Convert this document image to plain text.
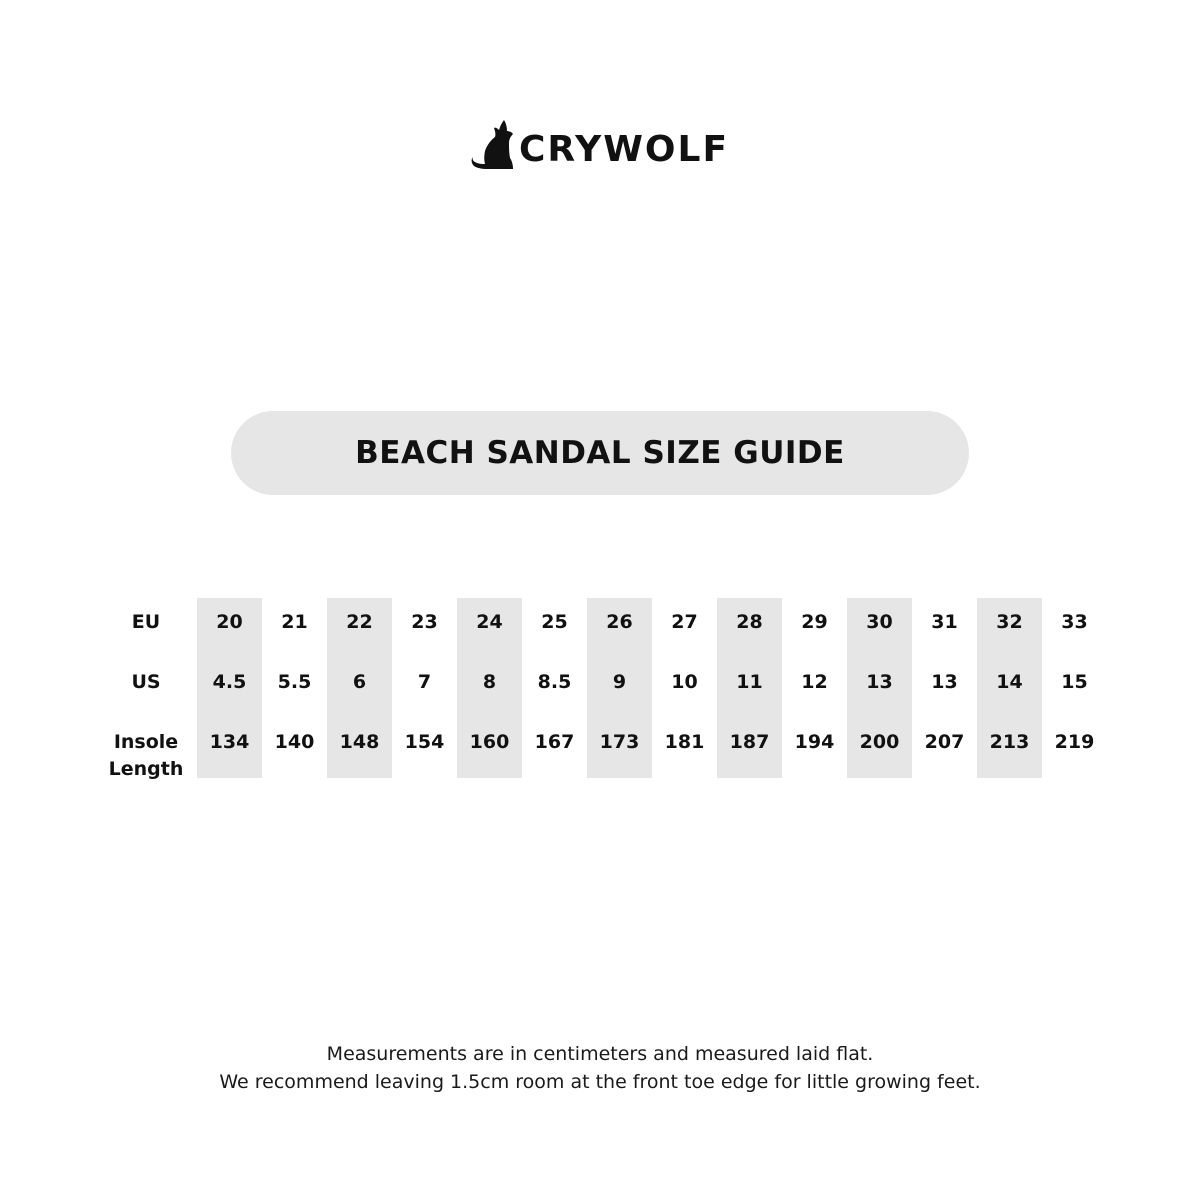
CRYWOLF
BEACH SANDAL SIZE GUIDE
EU
US
Insole
Length
20
4.5
134
21
5.5
140
22
6
148
23
7
154
24
8
160
25
8.5
167
26
9
173
27
10
181
28
11
187
29
12
194
30
13
200
31
13
207
32
14
213
33
15
219
Measurements are in centimeters and measured laid flat.
We recommend leaving 1.5cm room at the front toe edge for little growing feet.
